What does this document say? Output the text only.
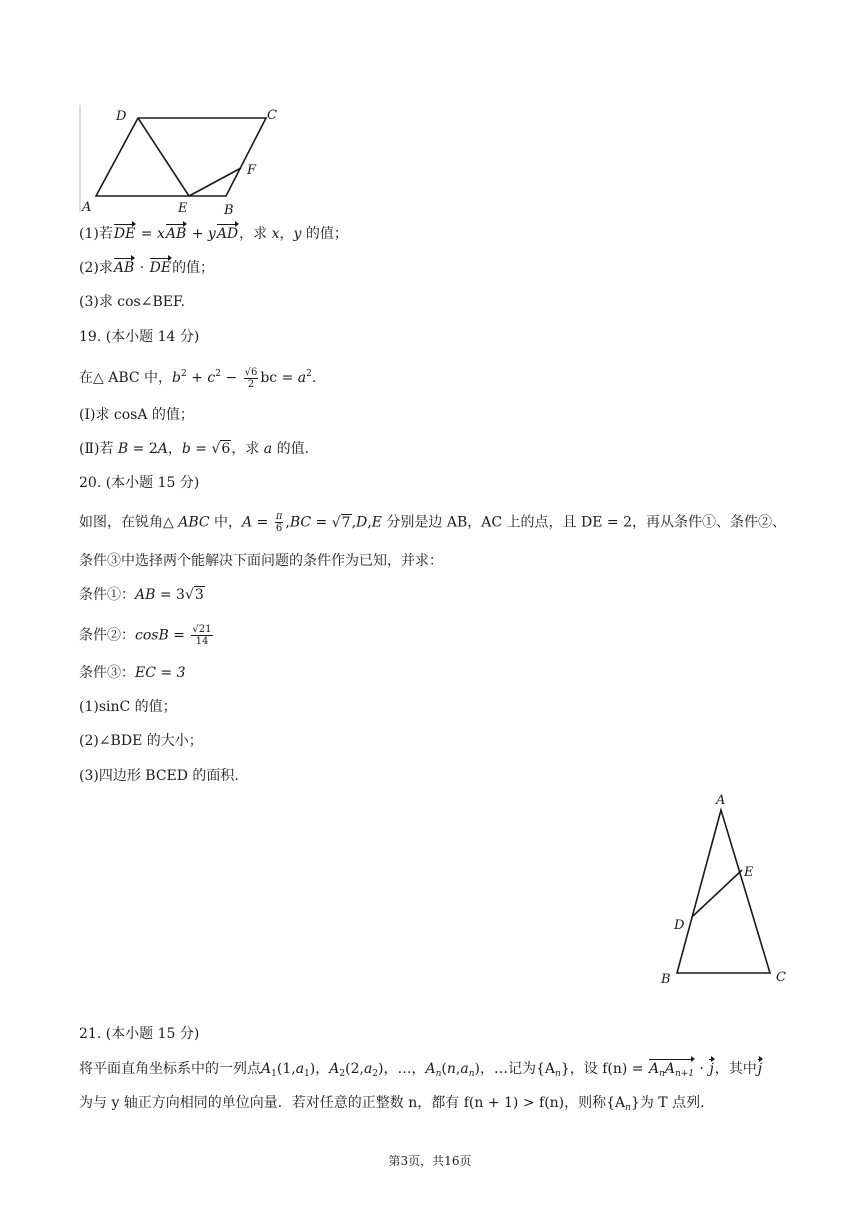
D	C
F
A	E	B
(1)若DE = xAB + yAD，求 x，y 的值；
(2)求AB · DE的值；
(3)求 cos∠BEF.
19. (本小题 14 分)
在△ ABC 中，$b^2 + c^2 - \frac{√6}{2}$ bc = $a^2$.
(Ⅰ)求 cosA 的值；
(Ⅱ)若 B = 2A，b = √6，求 a 的值.
20. (本小题 15 分)
如图，在锐角△ ABC 中，$A = \frac{\pi}{6} ,BC = √7,D,E$ 分别是边 AB，AC 上的点，且 DE = 2，再从条件①、条件②、
条件③中选择两个能解决下面问题的条件作为已知，并求：
条件①：AB = 3√3
条件②：$\cos B = \frac{√21}{14}$
条件③：EC = 3
(1)sinC 的值；
(2)∠BDE 的大小；
(3)四边形 BCED 的面积.
A
E
D
B	C
21. (本小题 15 分)
将平面直角坐标系中的一列点$A_1(1,a_1)$，$A_2(2,a_2)$，…，$A_n(n,a_n)$，…记为$\{A_n\}$，设 $f(n) = A_nA_{n+1} \cdot j$，其中j
为与 y 轴正方向相同的单位向量．若对任意的正整数 n，都有 f(n + 1) > f(n)，则称$\{A_n\}$为 T 点列.
第3页，共16页
